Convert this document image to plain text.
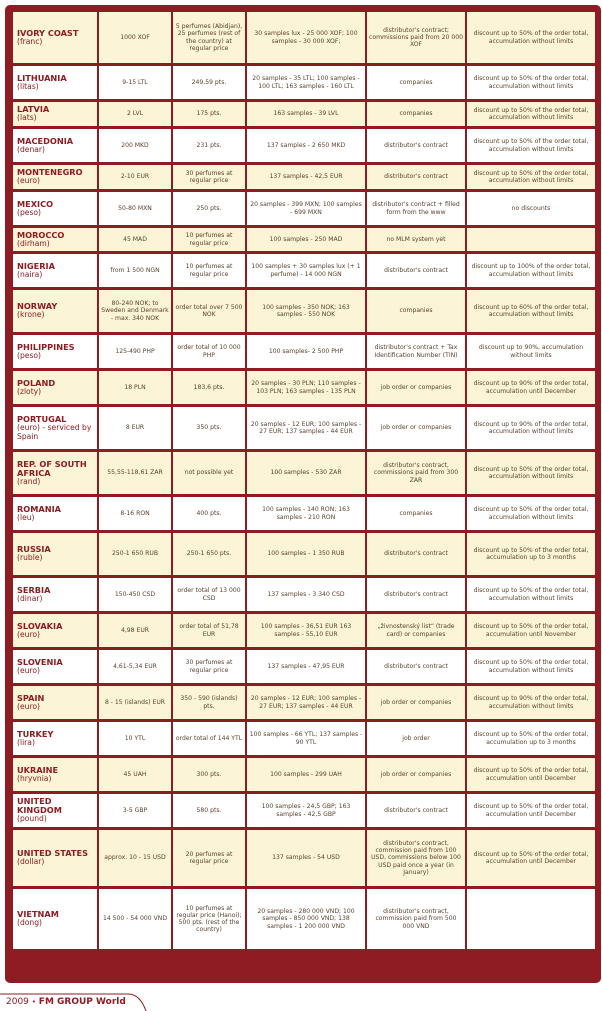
IVORY COAST
(franc)	1000 XOF	5 perfumes (Abidjan), 25 perfumes (rest of the country) at regular price	30 samples lux - 25 000 XOF; 100 samples - 30 000 XOF;	distributor's contract; commissions paid from 20 000 XOF	discount up to 50% of the order total, accumulation without limits

LITHUANIA
(litas)	9-15 LTL	249,59 pts.	20 samples - 35 LTL; 100 samples - 100 LTL; 163 samples - 160 LTL	companies	discount up to 50% of the order total, accumulation without limits

LATVIA
(lats)	2 LVL	175 pts.	163 samples - 39 LVL	companies	discount up to 50% of the order total, accumulation without limits

MACEDONIA
(denar)	200 MKD	231 pts.	137 samples - 2 650 MKD	distributor's contract	discount up to 50% of the order total, accumulation without limits

MONTENEGRO
(euro)	2-10 EUR	30 perfumes at regular price	137 samples - 42,5 EUR	distributor's contract	discount up to 50% of the order total, accumulation without limits

MEXICO
(peso)	50-80 MXN	250 pts.	20 samples - 399 MXN; 100 samples - 699 MXN	distributor's contract + filled form from the www	no discounts

MOROCCO
(dirham)	45 MAD	10 perfumes at regular price	100 samples - 250 MAD	no MLM system yet	

NIGERIA
(naira)	from 1 500 NGN	10 perfumes at regular price	100 samples + 30 samples lux (+ 1 perfume) - 14 000 NGN	distributor's contract	discount up to 100% of the order total, accumulation without limits

NORWAY
(krone)	80-240 NOK; to Sweden and Denmark - max. 340 NOK	order total over 7 500 NOK	100 samples - 350 NOK; 163 samples - 550 NOK	companies	discount up to 60% of the order total, accumulation without limits

PHILIPPINES
(peso)	125-490 PHP	order total of 10 000 PHP	100 samples- 2 500 PHP	distributor's contract + Tax Identification Number (TIN)	discount up to 90%, accumulation without limits

POLAND
(zloty)	18 PLN	183,6 pts.	20 samples - 30 PLN; 110 samples - 103 PLN; 163 samples - 135 PLN	job order or companies	discount up to 90% of the order total, accumulation until December

PORTUGAL
(euro) - serviced by Spain	8 EUR	350 pts.	20 samples - 12 EUR; 100 samples - 27 EUR; 137 samples - 44 EUR	job order or companies	discount up to 90% of the order total, accumulation without limits

REP. OF SOUTH AFRICA
(rand)	55,55-118,61 ZAR	not possible yet	100 samples - 530 ZAR	distributor's contract, commissions paid from 300 ZAR	discount up to 50% of the order total, accumulation without limits

ROMANIA
(leu)	8-16 RON	400 pts.	100 samples - 140 RON; 163 samples - 210 RON	companies	discount up to 50% of the order total, accumulation without limits

RUSSIA
(ruble)	250-1 650 RUB	250-1 650 pts.	100 samples - 1 350 RUB	distributor's contract	discount up to 50% of the order total, accumulation up to 3 months

SERBIA
(dinar)	150-450 CSD	order total of 13 000 CSD	137 samples - 3 340 CSD	distributor's contract	discount up to 50% of the order total, accumulation without limits

SLOVAKIA
(euro)	4,98 EUR	order total of 51,78 EUR	100 samples - 36,51 EUR 163 samples - 55,10 EUR	„živnostenský list“ (trade card) or companies	discount up to 50% of the order total, accumulation until November

SLOVENIA
(euro)	4,61-5,34 EUR	30 perfumes at regular price	137 samples - 47,95 EUR	distributor's contract	discount up to 50% of the order total, accumulation without limits

SPAIN
(euro)	8 - 15 (islands) EUR	350 - 590 (islands) pts.	20 samples - 12 EUR; 100 samples - 27 EUR; 137 samples - 44 EUR	job order or companies	discount up to 90% of the order total, accumulation without limits

TURKEY
(lira)	10 YTL	order total of 144 YTL	100 samples - 66 YTL; 137 samples - 90 YTL	job order	discount up to 50% of the order total, accumulation up to 3 months

UKRAINE
(hryvnia)	45 UAH	300 pts.	100 samples - 299 UAH	job order or companies	discount up to 50% of the order total, accumulation until December

UNITED KINGDOM
(pound)	3-5 GBP	580 pts.	100 samples - 24,5 GBP; 163 samples - 42,5 GBP	distributor's contract	discount up to 50% of the order total, accumulation until December

UNITED STATES
(dollar)	approx. 10 - 15 USD	20 perfumes at regular price	137 samples - 54 USD	distributor's contract, commission paid from 100 USD, commissions below 100 USD paid once a year (in January)	discount up to 50% of the order total, accumulation until December

VIETNAM
(dong)	14 500 - 54 000 VND	10 perfumes at regular price (Hanoi); 500 pts. (rest of the country)	20 samples - 280 000 VND; 100 samples - 850 000 VND; 138 samples - 1 200 000 VND	distributor's contract, commission paid from 500 000 VND	
2009 • FM GROUP World
